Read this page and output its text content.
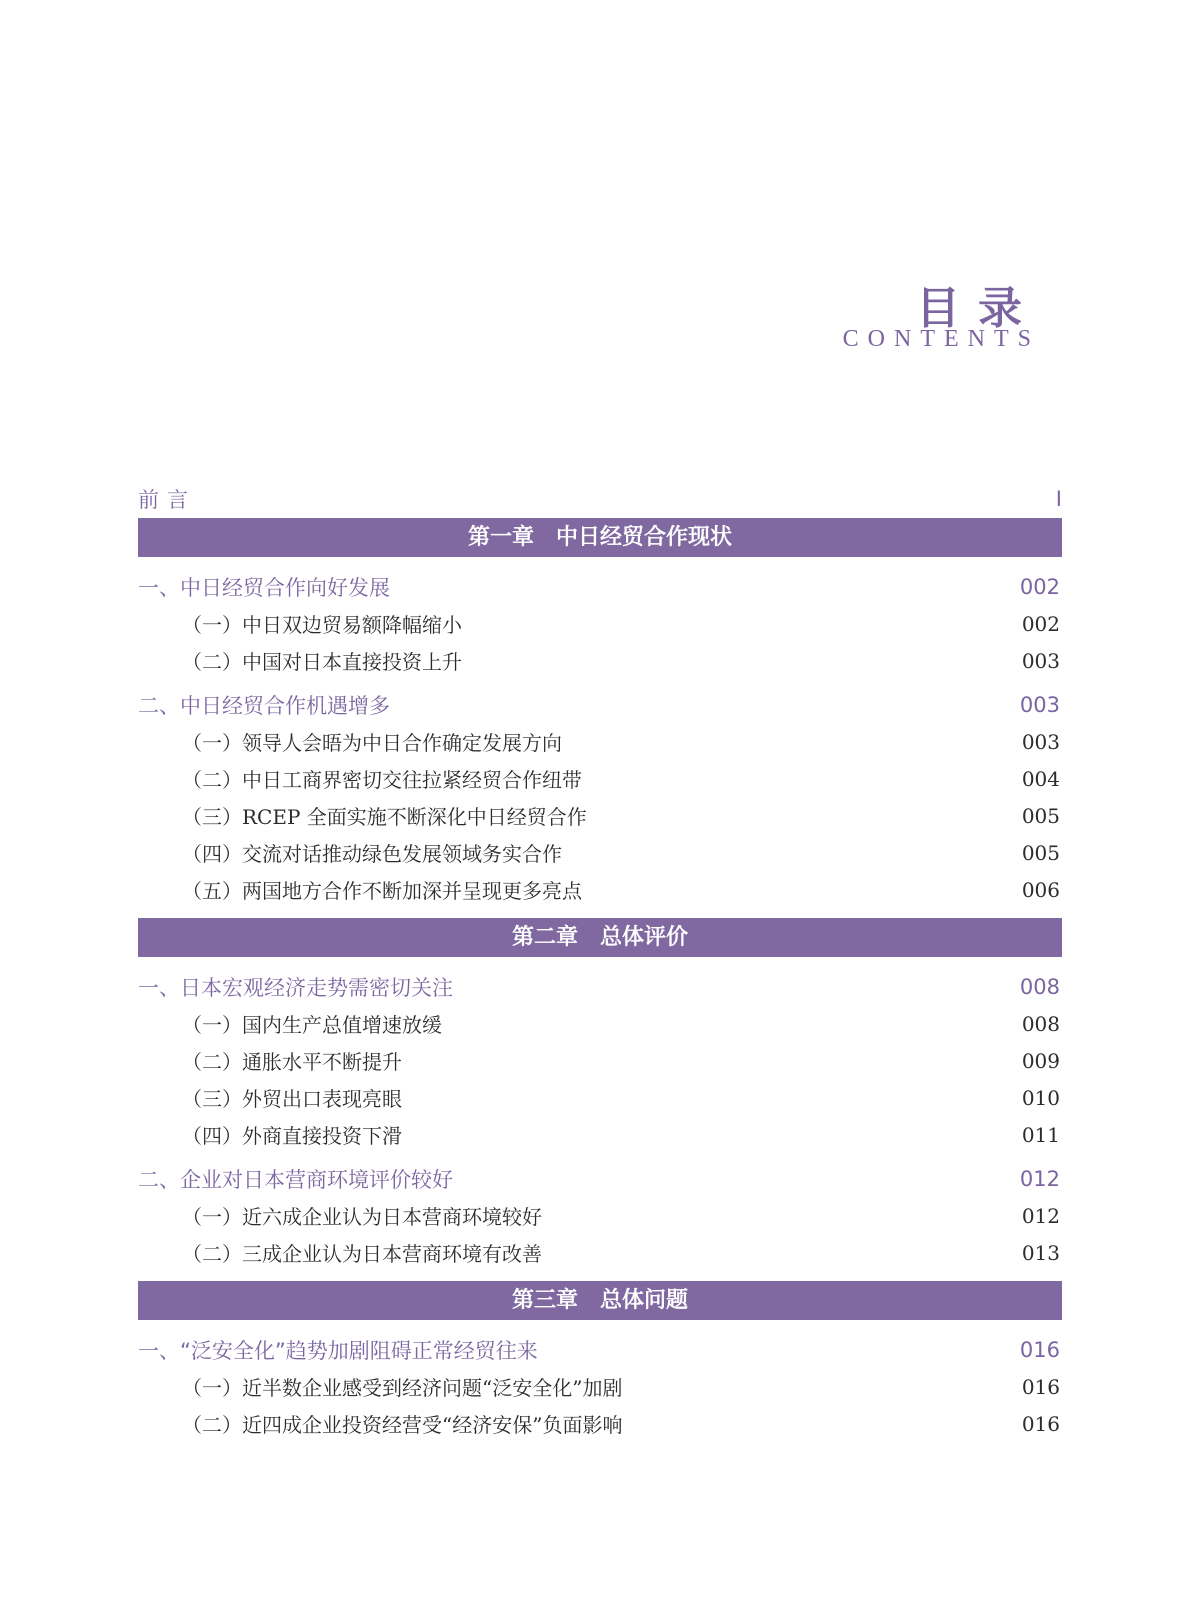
目录
CONTENTS
前言	I
第一章　中日经贸合作现状
一、中日经贸合作向好发展	002
（一）中日双边贸易额降幅缩小	002
（二）中国对日本直接投资上升	003
二、中日经贸合作机遇增多	003
（一）领导人会晤为中日合作确定发展方向	003
（二）中日工商界密切交往拉紧经贸合作纽带	004
（三）RCEP 全面实施不断深化中日经贸合作	005
（四）交流对话推动绿色发展领域务实合作	005
（五）两国地方合作不断加深并呈现更多亮点	006
第二章　总体评价
一、日本宏观经济走势需密切关注	008
（一）国内生产总值增速放缓	008
（二）通胀水平不断提升	009
（三）外贸出口表现亮眼	010
（四）外商直接投资下滑	011
二、企业对日本营商环境评价较好	012
（一）近六成企业认为日本营商环境较好	012
（二）三成企业认为日本营商环境有改善	013
第三章　总体问题
一、“泛安全化”趋势加剧阻碍正常经贸往来	016
（一）近半数企业感受到经济问题“泛安全化”加剧	016
（二）近四成企业投资经营受“经济安保”负面影响	016
